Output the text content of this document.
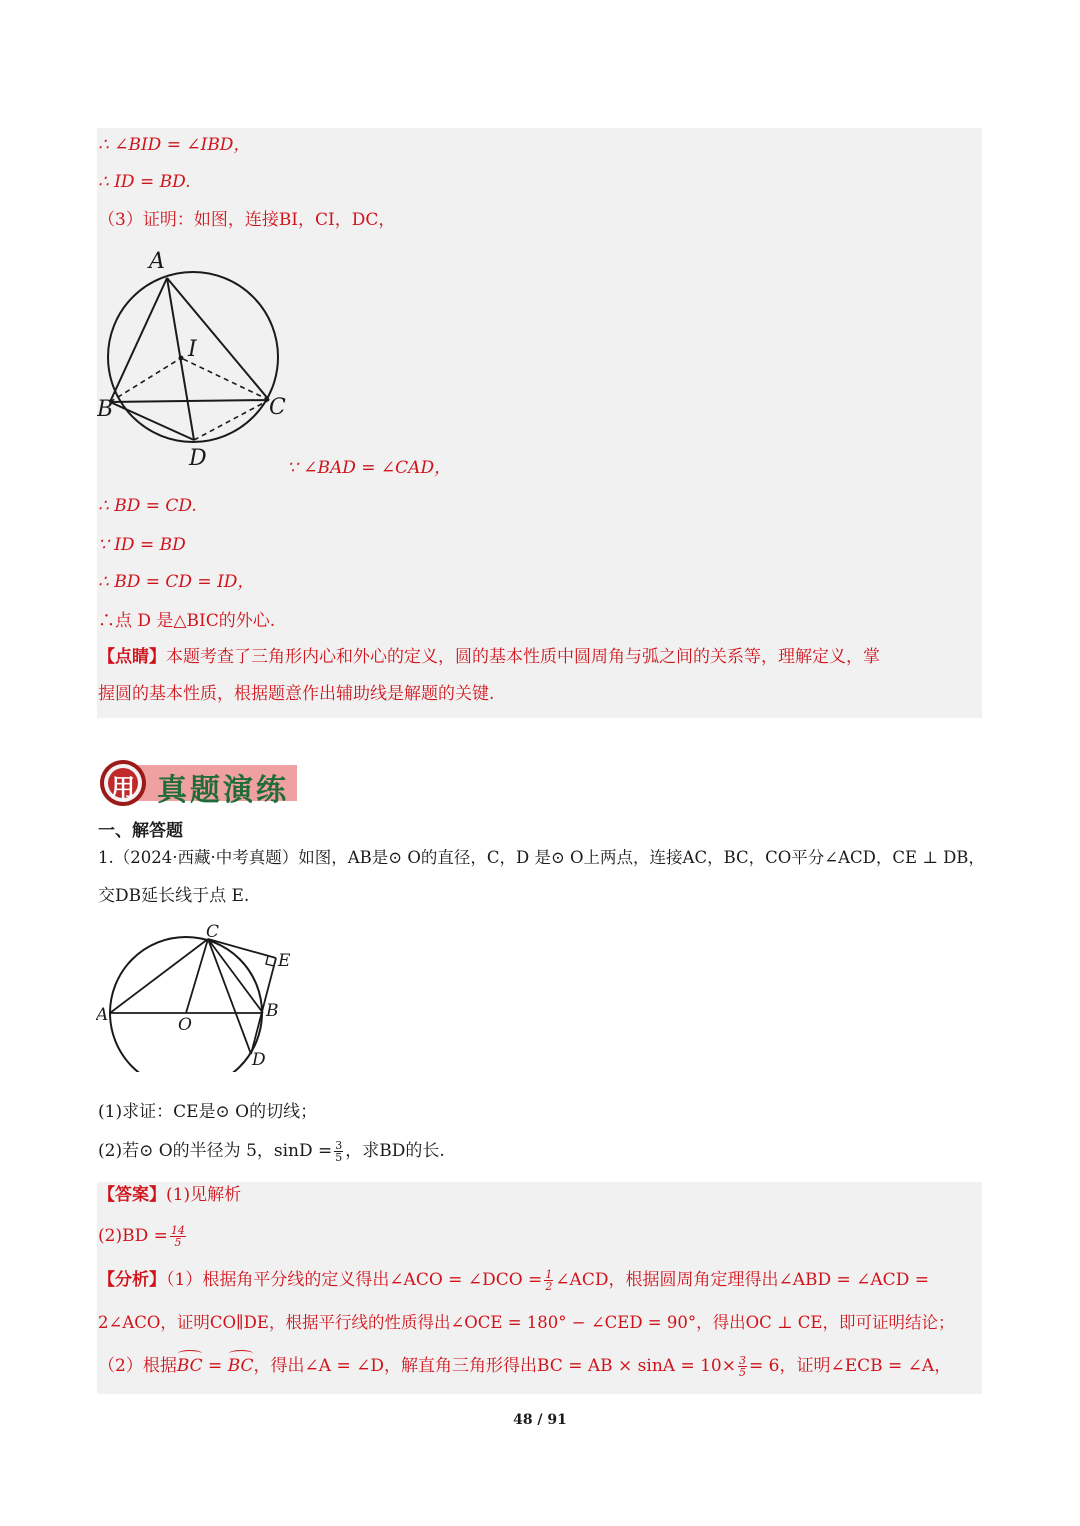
∴ ∠BID = ∠IBD，
∴ ID = BD.
（3）证明：如图，连接BI，CI，DC，
A
I
B	C
D	∵ ∠BAD = ∠CAD，
∴ BD = CD.
∵ ID = BD
∴ BD = CD = ID，
∴点 D 是△BIC的外心.
【点睛】本题考查了三角形内心和外心的定义，圆的基本性质中圆周角与弧之间的关系等，理解定义，掌
握圆的基本性质，根据题意作出辅助线是解题的关键.
用 真题演练
一、解答题
1.（2024·西藏·中考真题）如图，AB是⊙ O的直径，C，D 是⊙ O上两点，连接AC，BC，CO平分∠ACD，CE ⊥ DB，
交DB延长线于点 E.
C
E
A	O
B
D
(1)求证：CE是⊙ O的切线；
(2)若⊙ O的半径为 5，$\sin D = \frac{3}{5}$ ，求BD的长.
【答案】(1)见解析
$(2)BD = \frac{14}{5}$
【分析】（1）根据角平分线的定义得出∠ACO = ∠DCO = $\frac{1}{2}$ ∠ACD，根据圆周角定理得出∠ABD = ∠ACD =
2∠ACO，证明CO∥DE，根据平行线的性质得出∠OCE = 180° − ∠CED = 90°，得出OC ⊥ CE，即可证明结论；
（2）根据BC = BC，得出∠A = ∠D，解直角三角形得出BC = AB × $\sin A = 10\times \frac{3}{5} = 6$，证明∠ECB = ∠A，
48 / 91
